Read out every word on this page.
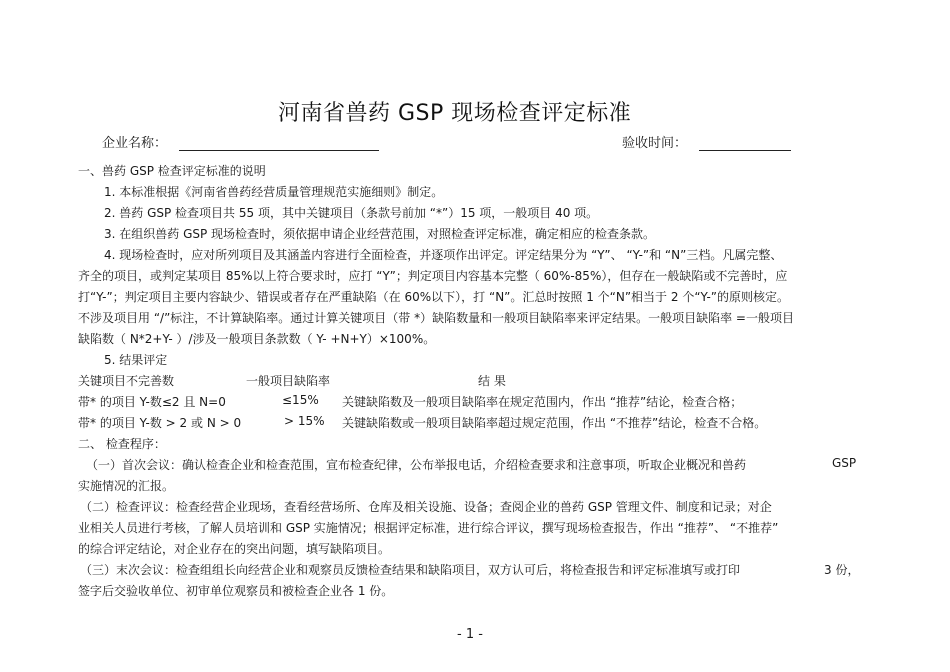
河南省兽药 GSP 现场检查评定标准
企业名称：	验收时间：
一、兽药 GSP 检查评定标准的说明
1. 本标准根据《河南省兽药经营质量管理规范实施细则》制定。
2. 兽药 GSP 检查项目共 55 项，其中关键项目（条款号前加 “*”）15 项，一般项目 40 项。
3. 在组织兽药 GSP 现场检查时，须依据申请企业经营范围，对照检查评定标准，确定相应的检查条款。
4. 现场检查时，应对所列项目及其涵盖内容进行全面检查，并逐项作出评定。评定结果分为 “Y”、 “Y-”和 “N”三档。凡属完整、
齐全的项目，或判定某项目 85%以上符合要求时，应打 “Y”；判定项目内容基本完整（ 60%-85%），但存在一般缺陷或不完善时，应
打“Y-”；判定项目主要内容缺少、错误或者存在严重缺陷（在 60%以下），打 “N”。汇总时按照 1 个“N”相当于 2 个“Y-”的原则核定。
不涉及项目用 “/”标注，不计算缺陷率。通过计算关键项目（带 *）缺陷数量和一般项目缺陷率来评定结果。一般项目缺陷率 =一般项目
缺陷数（ N*2+Y- ）/涉及一般项目条款数（ Y- +N+Y）×100%。
5. 结果评定
关键项目不完善数	一般项目缺陷率	结 果
带* 的项目 Y-数≤2 且 N=0	≤15% 关键缺陷数及一般项目缺陷率在规定范围内，作出 “推荐”结论，检查合格；
带* 的项目 Y-数 > 2 或 N > 0	> 15% 关键缺陷数或一般项目缺陷率超过规定范围，作出 “不推荐”结论，检查不合格。
二、 检查程序：
（一）首次会议：确认检查企业和检查范围，宣布检查纪律，公布举报电话，介绍检查要求和注意事项，听取企业概况和兽药	GSP
实施情况的汇报。
（二）检查评议：检查经营企业现场，查看经营场所、仓库及相关设施、设备；查阅企业的兽药 GSP 管理文件、制度和记录；对企
业相关人员进行考核，了解人员培训和 GSP 实施情况；根据评定标准，进行综合评议，撰写现场检查报告，作出 “推荐”、 “不推荐”
的综合评定结论，对企业存在的突出问题，填写缺陷项目。
（三）末次会议：检查组组长向经营企业和观察员反馈检查结果和缺陷项目，双方认可后，将检查报告和评定标准填写或打印	3 份，
签字后交验收单位、初审单位观察员和被检查企业各 1 份。
- 1 -
